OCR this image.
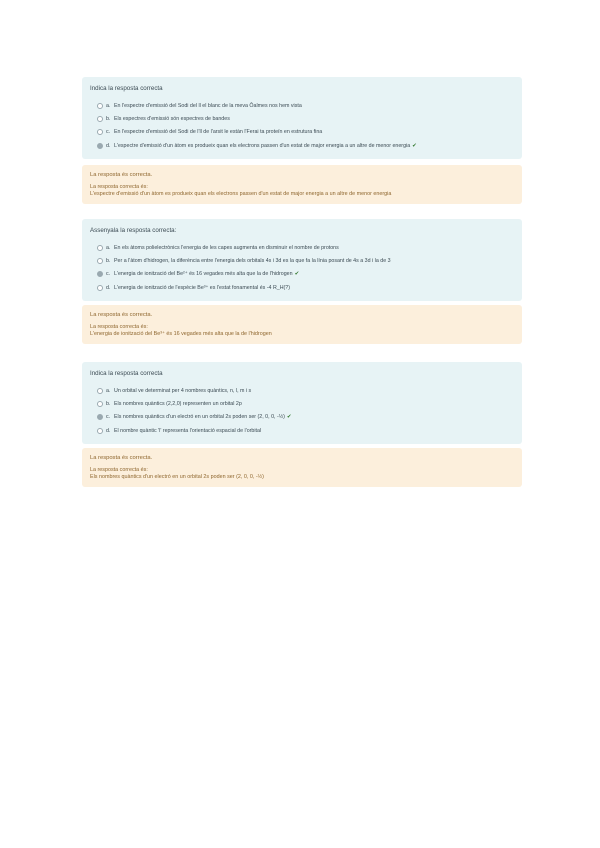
Indica la resposta correcta

a. En l'espectre d'emissió del Sodi del ll el blanc de la meva Ôalmes nos hem vista
b. Els espectres d'emissió són espectres de bandes
c. En l'espectre d'emissió del Sodi de l'll de l'arsit le estàn l'Ferai ta proteïn en estrutura fina
d. L'espectre d'emissió d'un àtom es produeix quan els electrons passen d'un estat de major energia a un altre de menor energia ✔

La resposta és correcta.

La resposta correcta és:
L'espectre d'emissió d'un àtom es produeix quan els electrons passen d'un estat de major energia a un altre de menor energia

Assenyala la resposta correcta:

a. En els àtoms polielectrònics l'energia de les capes augmenta en disminuir el nombre de protons
b. Per a l'àtom d'hidrogen, la diferència entre l'energia dels orbitals 4s i 3d es la que fa la línia posant de 4s a 3d i la de 3
c. L'energia de ionització del Be²⁺ és 16 vegades més alta que la de l'hidrogen ✔
d. L'energia de ionització de l'espècie Be³⁺ es l'estat fonamental és -4 R_H(?)

La resposta és correcta.

La resposta correcta és:
L'energia de ionització del Be³⁺ és 16 vegades més alta que la de l'hidrogen

Indica la resposta correcta

a. Un orbital ve determinat per 4 nombres quàntics, n, l, m i s
b. Els nombres quàntics (2,2,0) representen un orbital 2p
c. Els nombres quàntics d'un electró en un orbital 2s poden ser (2, 0, 0, -½) ✔
d. El nombre quàntic 'l' representa l'orientació espacial de l'orbital

La resposta és correcta.

La resposta correcta és:
Els nombres quàntics d'un electró en un orbital 2s poden ser (2, 0, 0, -½)
